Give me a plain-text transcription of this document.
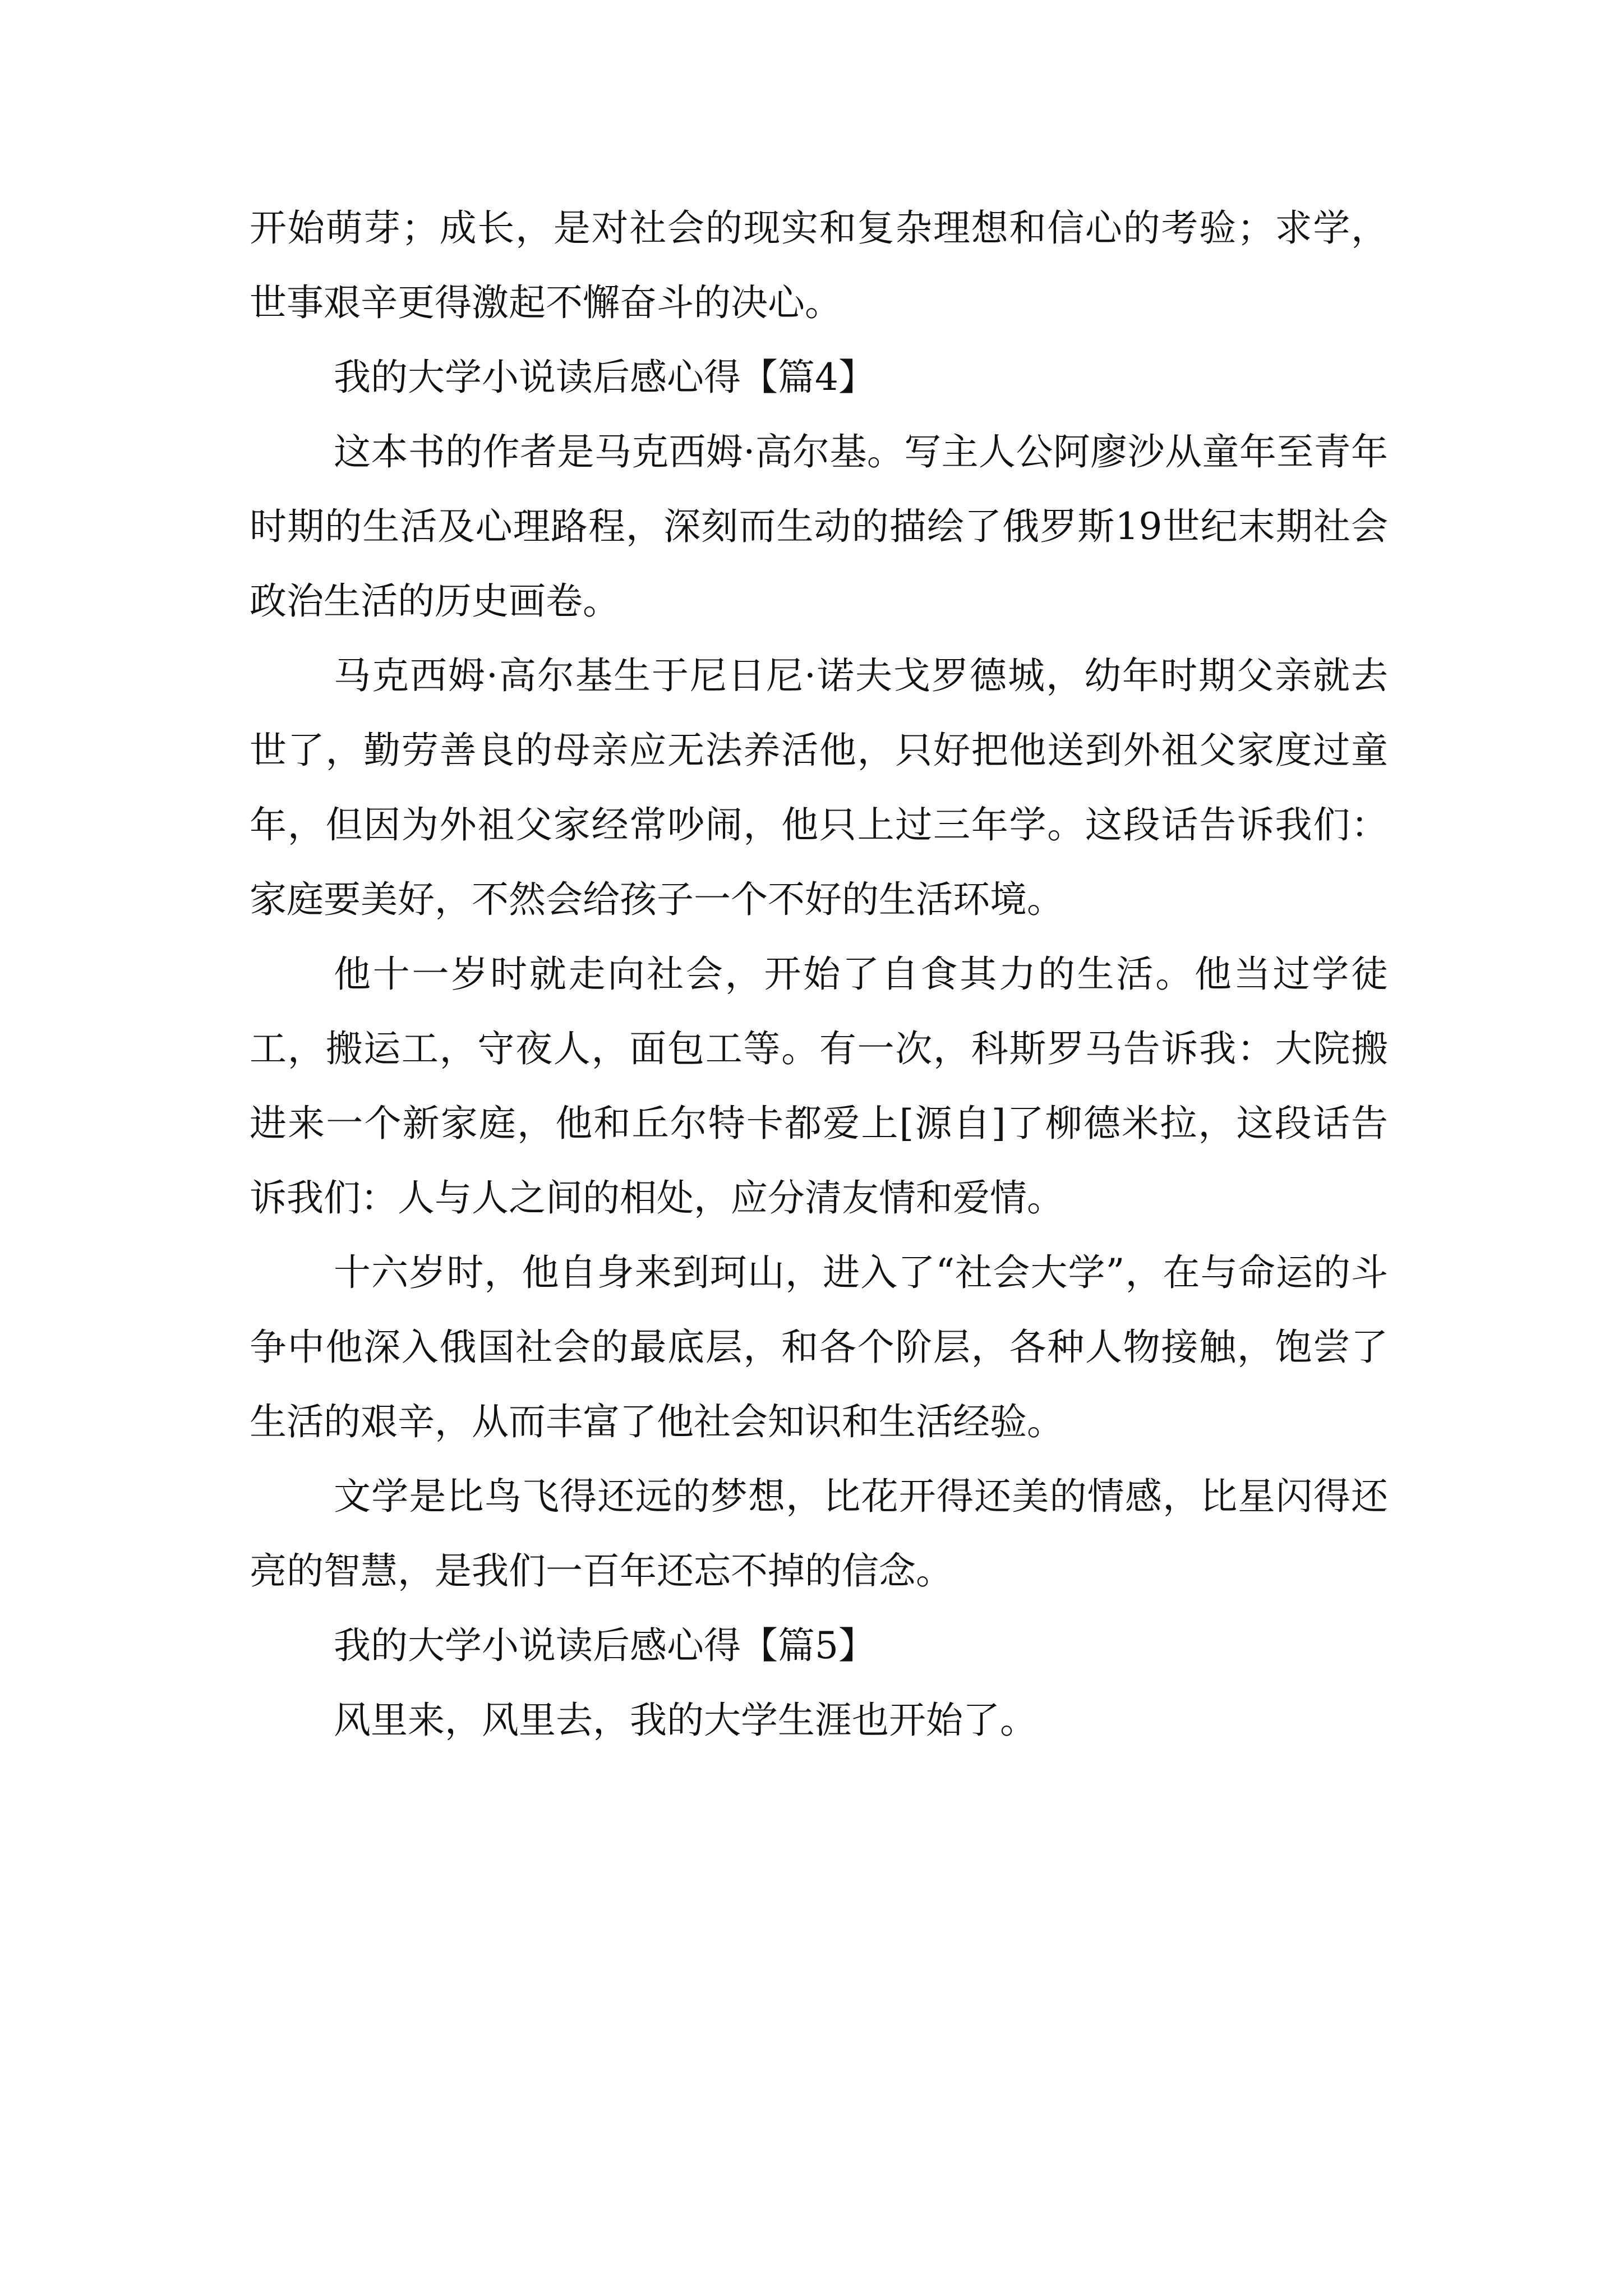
开始萌芽；成长，是对社会的现实和复杂理想和信心的考验；求学，世事艰辛更得激起不懈奋斗的决心。

我的大学小说读后感心得【篇4】

这本书的作者是马克西姆·高尔基。写主人公阿廖沙从童年至青年时期的生活及心理路程，深刻而生动的描绘了俄罗斯19世纪末期社会政治生活的历史画卷。

马克西姆·高尔基生于尼日尼·诺夫戈罗德城，幼年时期父亲就去世了，勤劳善良的母亲应无法养活他，只好把他送到外祖父家度过童年，但因为外祖父家经常吵闹，他只上过三年学。这段话告诉我们：家庭要美好，不然会给孩子一个不好的生活环境。

他十一岁时就走向社会，开始了自食其力的生活。他当过学徒工，搬运工，守夜人，面包工等。有一次，科斯罗马告诉我：大院搬进来一个新家庭，他和丘尔特卡都爱上[源自]了柳德米拉，这段话告诉我们：人与人之间的相处，应分清友情和爱情。

十六岁时，他自身来到珂山，进入了“社会大学”，在与命运的斗争中他深入俄国社会的最底层，和各个阶层，各种人物接触，饱尝了生活的艰辛，从而丰富了他社会知识和生活经验。

文学是比鸟飞得还远的梦想，比花开得还美的情感，比星闪得还亮的智慧，是我们一百年还忘不掉的信念。

我的大学小说读后感心得【篇5】

风里来，风里去，我的大学生涯也开始了。
